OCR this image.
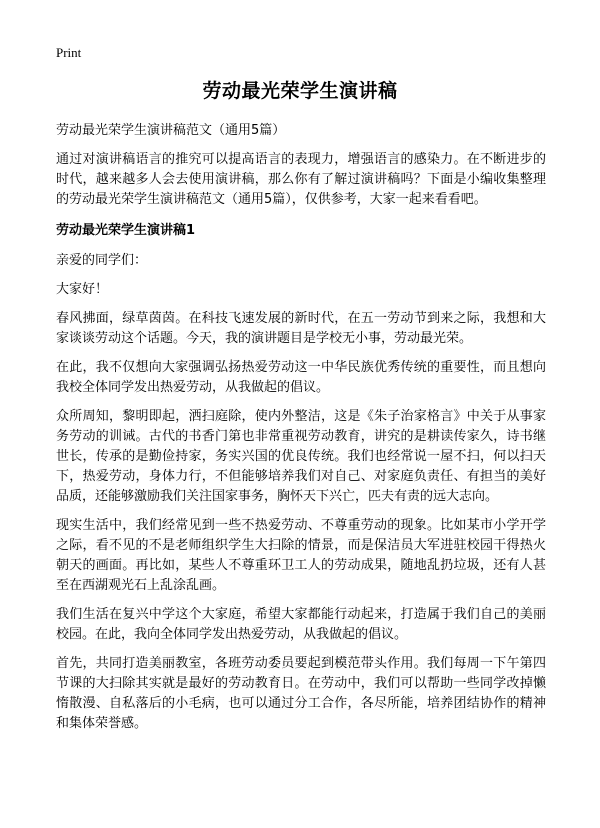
Print
劳动最光荣学生演讲稿

劳动最光荣学生演讲稿范文（通用5篇）

通过对演讲稿语言的推究可以提高语言的表现力，增强语言的感染力。在不断进步的时代，越来越多人会去使用演讲稿，那么你有了解过演讲稿吗？下面是小编收集整理的劳动最光荣学生演讲稿范文（通用5篇），仅供参考，大家一起来看看吧。

劳动最光荣学生演讲稿1

亲爱的同学们：

大家好！

春风拂面，绿草茵茵。在科技飞速发展的新时代，在五一劳动节到来之际，我想和大家谈谈劳动这个话题。今天，我的演讲题目是学校无小事，劳动最光荣。

在此，我不仅想向大家强调弘扬热爱劳动这一中华民族优秀传统的重要性，而且想向我校全体同学发出热爱劳动，从我做起的倡议。

众所周知，黎明即起，洒扫庭除，使内外整洁，这是《朱子治家格言》中关于从事家务劳动的训诫。古代的书香门第也非常重视劳动教育，讲究的是耕读传家久，诗书继世长，传承的是勤俭持家，务实兴国的优良传统。我们也经常说一屋不扫，何以扫天下，热爱劳动，身体力行，不但能够培养我们对自己、对家庭负责任、有担当的美好品质，还能够激励我们关注国家事务，胸怀天下兴亡，匹夫有责的远大志向。

现实生活中，我们经常见到一些不热爱劳动、不尊重劳动的现象。比如某市小学开学之际，看不见的不是老师组织学生大扫除的情景，而是保洁员大军进驻校园干得热火朝天的画面。再比如，某些人不尊重环卫工人的劳动成果，随地乱扔垃圾，还有人甚至在西湖观光石上乱涂乱画。

我们生活在复兴中学这个大家庭，希望大家都能行动起来，打造属于我们自己的美丽校园。在此，我向全体同学发出热爱劳动，从我做起的倡议。

首先，共同打造美丽教室，各班劳动委员要起到模范带头作用。我们每周一下午第四节课的大扫除其实就是最好的劳动教育日。在劳动中，我们可以帮助一些同学改掉懒惰散漫、自私落后的小毛病，也可以通过分工合作，各尽所能，培养团结协作的精神和集体荣誉感。
